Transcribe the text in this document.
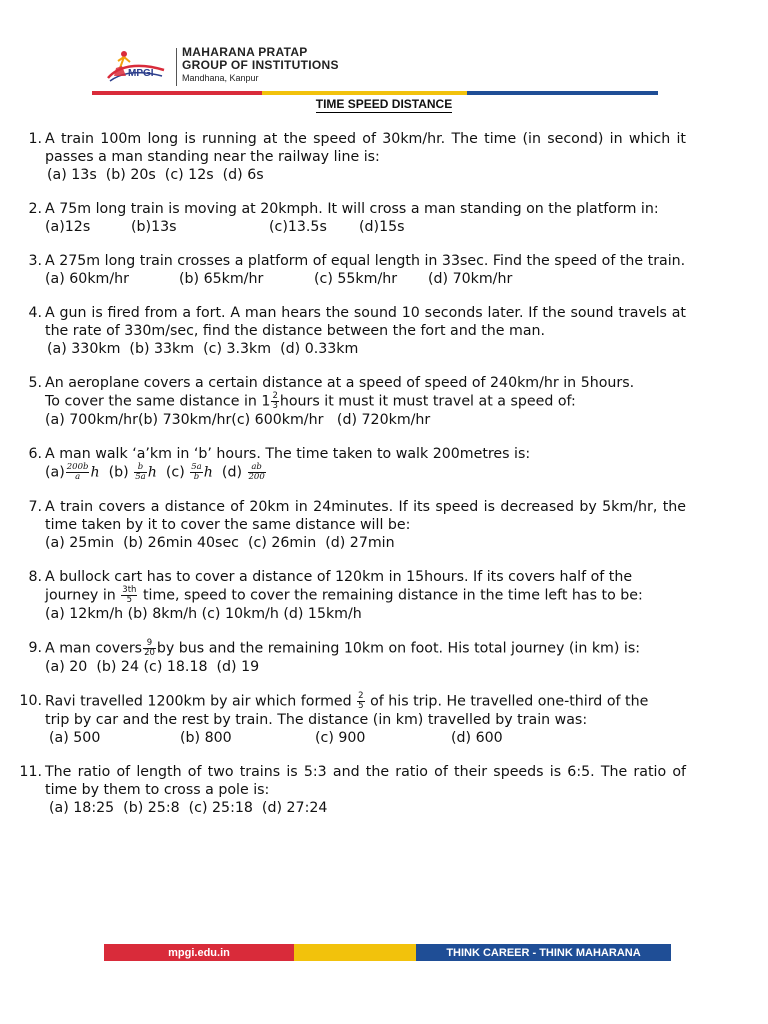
MPGI
MAHARANA PRATAP
GROUP OF INSTITUTIONS
Mandhana, Kanpur
TIME SPEED DISTANCE
1. A train 100m long is running at the speed of 30km/hr. The time (in second) in which it passes a man standing near the railway line is:
(a) 13s  (b) 20s  (c) 12s  (d) 6s
2. A 75m long train is moving at 20kmph. It will cross a man standing on the platform in:
(a)12s	(b)13s	(c)13.5s	(d)15s
3. A 275m long train crosses a platform of equal length in 33sec. Find the speed of the train.
(a) 60km/hr	(b) 65km/hr	(c) 55km/hr	(d) 70km/hr
4. A gun is fired from a fort. A man hears the sound 10 seconds later. If the sound travels at the rate of 330m/sec, find the distance between the fort and the man.
(a) 330km  (b) 33km  (c) 3.3km  (d) 0.33km
5. An aeroplane covers a certain distance at a speed of speed of 240km/hr in 5hours.
To cover the same distance in $1 \frac{2}{3}$ hours it must it must travel at a speed of:
(a) 700km/hr(b) 730km/hr(c) 600km/hr   (d) 720km/hr
6. A man walk ‘a’km in ‘b’ hours. The time taken to walk 200metres is:
$(a) \frac{200b}{a}$ h $(b) \frac{b}{5a}$ h $(c) \frac{5a}{b}$ h $(d) \frac{ab}{200}$
7. A train covers a distance of 20km in 24minutes. If its speed is decreased by 5km/hr, the time taken by it to cover the same distance will be:
(a) 25min  (b) 26min 40sec  (c) 26min  (d) 27min
8. A bullock cart has to cover a distance of 120km in 15hours. If its covers half of the
journey in $\frac{3th}{5}$ time, speed to cover the remaining distance in the time left has to be:
(a) 12km/h (b) 8km/h (c) 10km/h (d) 15km/h
9. A man covers $\frac{9}{20}$ by bus and the remaining 10km on foot. His total journey (in km) is:
(a) 20  (b) 24 (c) 18.18  (d) 19
10. Ravi travelled 1200km by air which formed $\frac{2}{5}$ of his trip. He travelled one-third of the
trip by car and the rest by train. The distance (in km) travelled by train was:
(a) 500	(b) 800	(c) 900	(d) 600
11. The ratio of length of two trains is 5:3 and the ratio of their speeds is 6:5. The ratio of time by them to cross a pole is:
(a) 18:25  (b) 25:8  (c) 25:18  (d) 27:24
mpgi.edu.in	THINK CAREER - THINK MAHARANA
